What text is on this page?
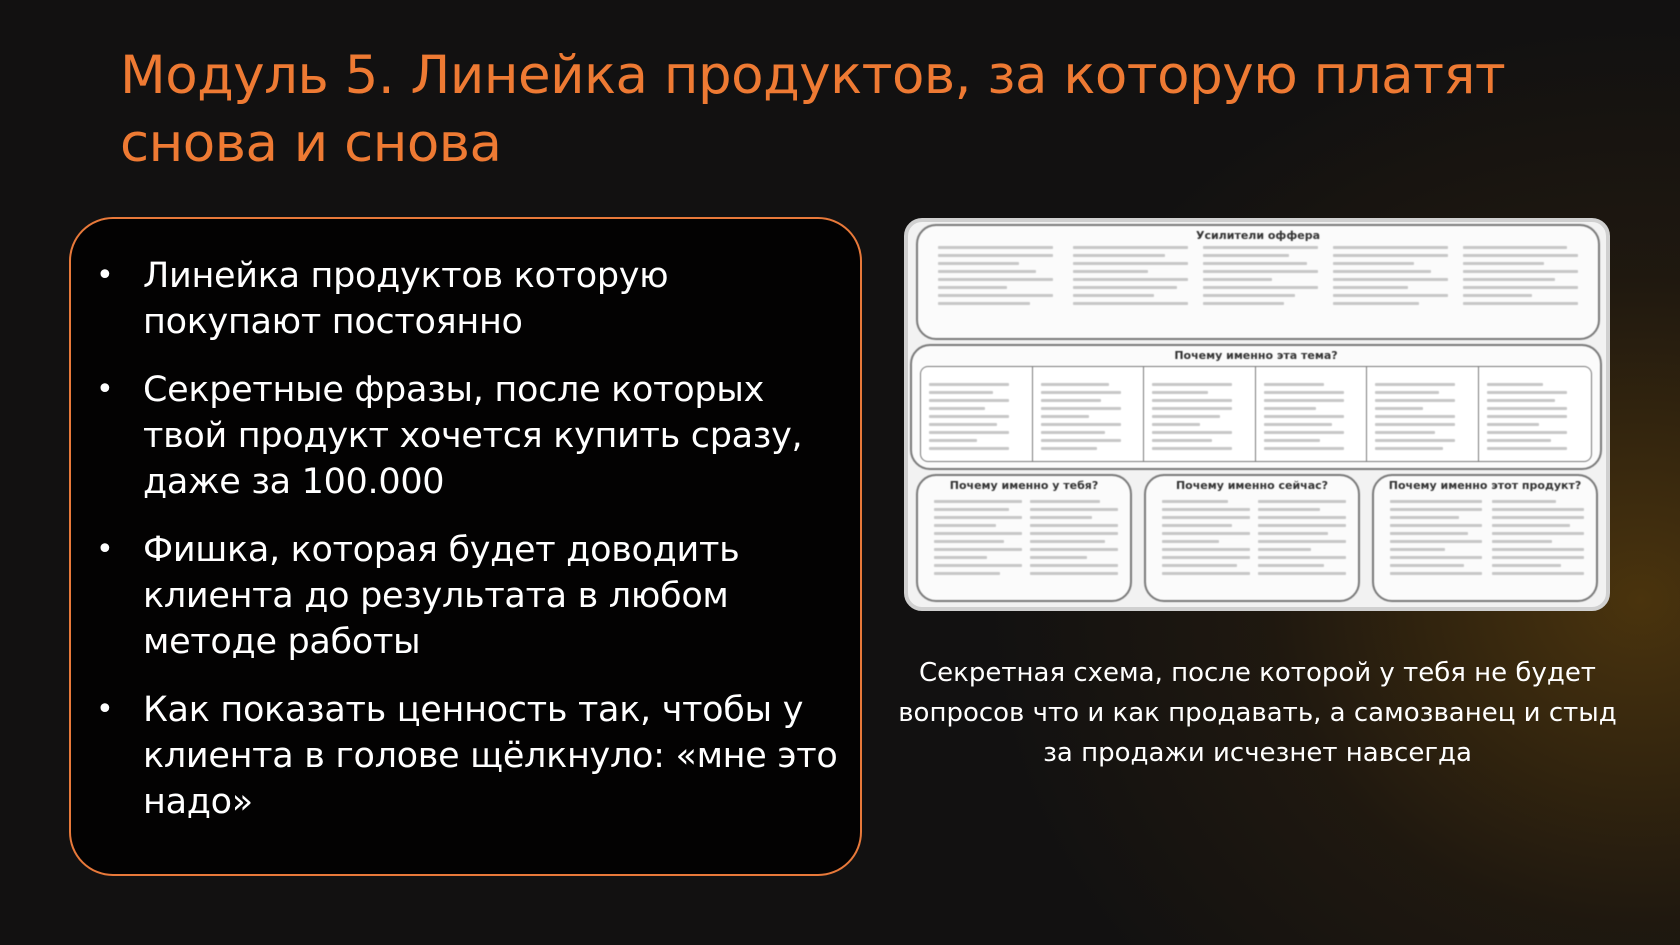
Модуль 5. Линейка продуктов, за которую платят снова и снова
• Линейка продуктов которую покупают постоянно
• Секретные фразы, после которых твой продукт хочется купить сразу, даже за 100.000
• Фишка, которая будет доводить клиента до результата в любом методе работы
• Как показать ценность так, чтобы у клиента в голове щёлкнуло: «мне это надо»
Усилители оффера
Почему именно эта тема?
Почему именно у тебя?	Почему именно сейчас?	Почему именно этот продукт?

Секретная схема, после которой у тебя не будет вопросов что и как продавать, а самозванец и стыд за продажи исчезнет навсегда
